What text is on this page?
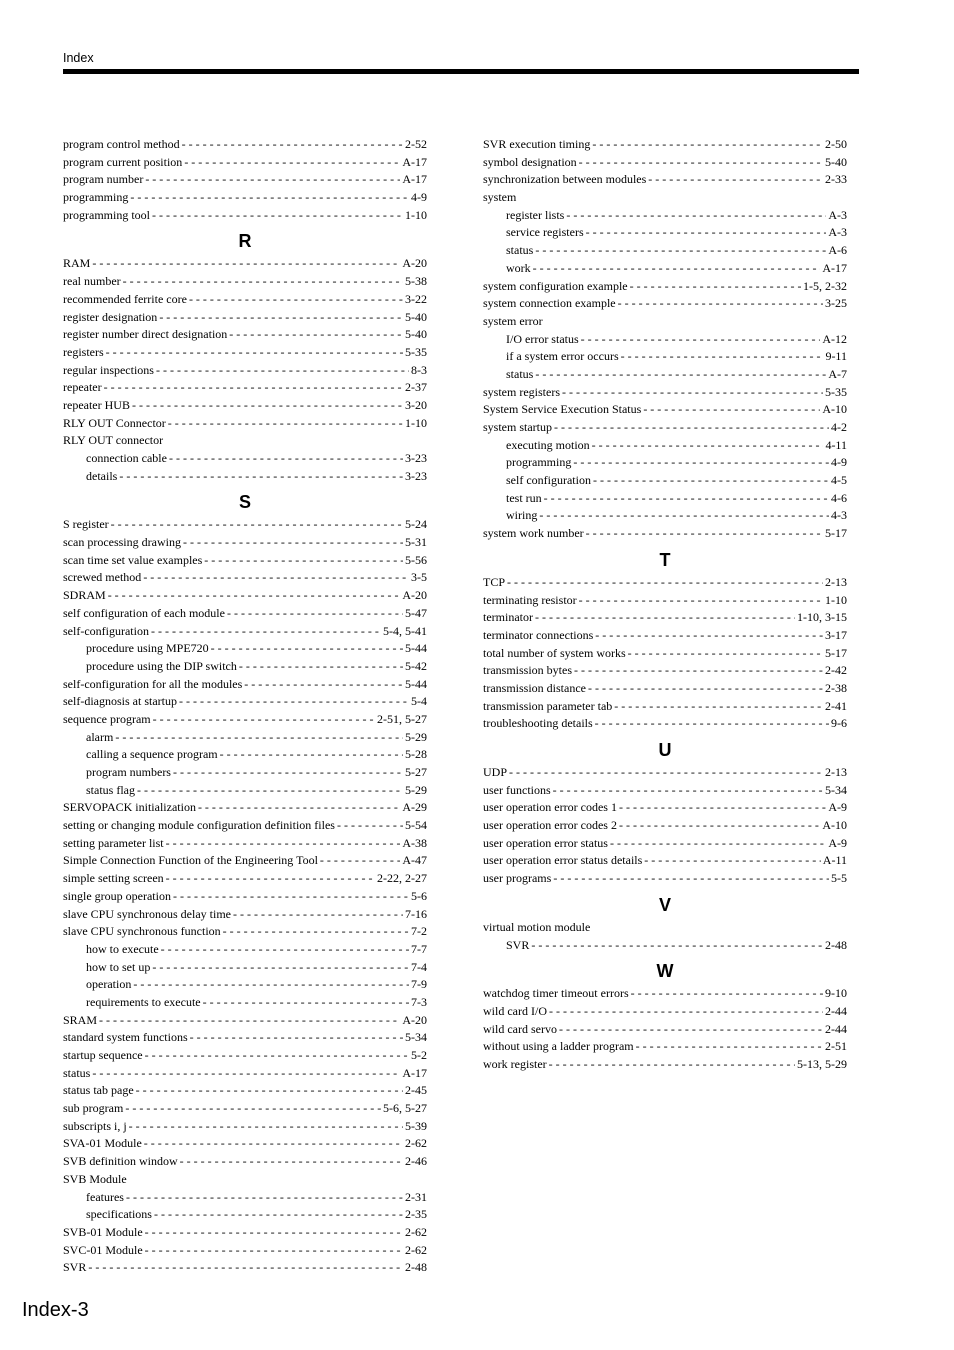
Index
program control method - - -	2-52
program current position - - -	A-17
program number - - -	A-17
programming - - -	4-9
programming tool - - -	1-10
R
RAM - - -	A-20
real number - - -	5-38
recommended ferrite core - - -	3-22
register designation - - -	5-40
register number direct designation - - -	5-40
registers - - -	5-35
regular inspections - - -	8-3
repeater - - -	2-37
repeater HUB - - -	3-20
RLY OUT Connector - - -	1-10
RLY OUT connector
connection cable - - -	3-23
details - - -	3-23
S
S register - - -	5-24
scan processing drawing - - -	5-31
scan time set value examples - - -	5-56
screwed method - - -	3-5
SDRAM - - -	A-20
self configuration of each module - - -	5-47
self-configuration - - -	5-4, 5-41
procedure using MPE720 - - -	5-44
procedure using the DIP switch - - -	5-42
self-configuration for all the modules - - -	5-44
self-diagnosis at startup - - -	5-4
sequence program - - -	2-51, 5-27
alarm - - -	5-29
calling a sequence program - - -	5-28
program numbers - - -	5-27
status flag - - -	5-29
SERVOPACK initialization - - -	A-29
setting or changing module configuration definition files - - -	5-54
setting parameter list - - -	A-38
Simple Connection Function of the Engineering Tool - - -	A-47
simple setting screen - - -	2-22, 2-27
single group operation - - -	5-6
slave CPU synchronous delay time - - -	7-16
slave CPU synchronous function - - -	7-2
how to execute - - -	7-7
how to set up - - -	7-4
operation - - -	7-9
requirements to execute - - -	7-3
SRAM - - -	A-20
standard system functions - - -	5-34
startup sequence - - -	5-2
status - - -	A-17
status tab page - - -	2-45
sub program - - -	5-6, 5-27
subscripts i, j - - -	5-39
SVA-01 Module - - -	2-62
SVB definition window - - -	2-46
SVB Module
features - - -	2-31
specifications - - -	2-35
SVB-01 Module - - -	2-62
SVC-01 Module - - -	2-62
SVR - - -	2-48
SVR execution timing - - -	2-50
symbol designation - - -	5-40
synchronization between modules - - -	2-33
system
register lists - - -	A-3
service registers - - -	A-3
status - - -	A-6
work - - -	A-17
system configuration example - - -	1-5, 2-32
system connection example - - -	3-25
system error
I/O error status - - -	A-12
if a system error occurs - - -	9-11
status - - -	A-7
system registers - - -	5-35
System Service Execution Status - - -	A-10
system startup - - -	4-2
executing motion - - -	4-11
programming - - -	4-9
self configuration - - -	4-5
test run - - -	4-6
wiring - - -	4-3
system work number - - -	5-17
T
TCP - - -	2-13
terminating resistor - - -	1-10
terminator - - -	1-10, 3-15
terminator connections - - -	3-17
total number of system works - - -	5-17
transmission bytes - - -	2-42
transmission distance - - -	2-38
transmission parameter tab - - -	2-41
troubleshooting details - - -	9-6
U
UDP - - -	2-13
user functions - - -	5-34
user operation error codes 1 - - -	A-9
user operation error codes 2 - - -	A-10
user operation error status - - -	A-9
user operation error status details - - -	A-11
user programs - - -	5-5
V
virtual motion module
SVR - - -	2-48
W
watchdog timer timeout errors - - -	9-10
wild card I/O - - -	2-44
wild card servo - - -	2-44
without using a ladder program - - -	2-51
work register - - -	5-13, 5-29
Index-3
